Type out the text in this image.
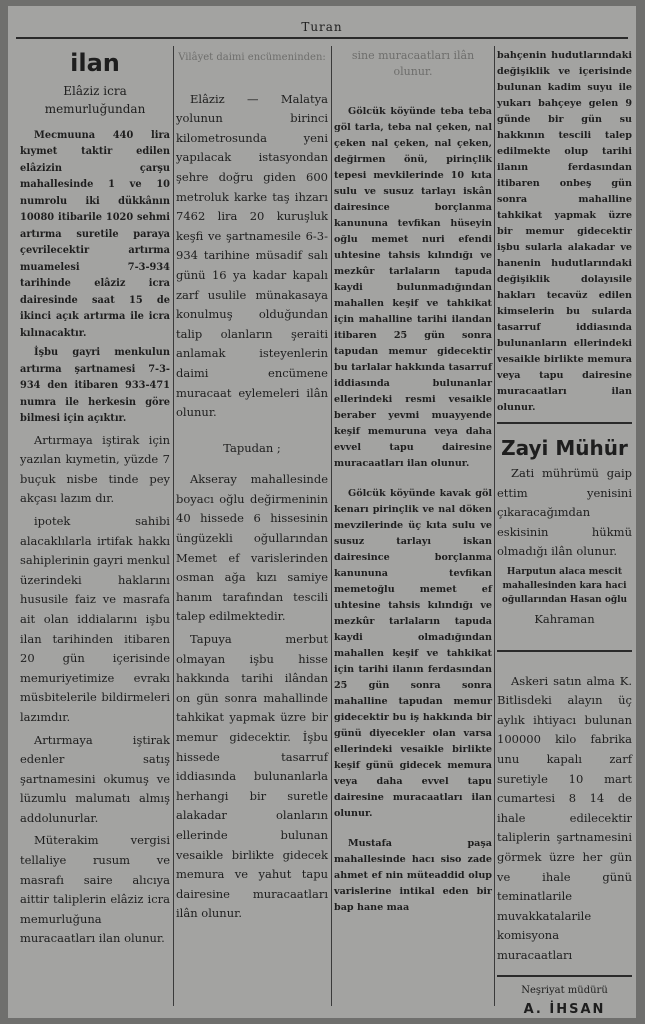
Turan
ilan
Elâziz icra memurluğundan

Mecmuuna 440 lira kıymet taktir edilen elâzizin çarşu mahallesinde 1 ve 10 numrolu iki dükkânın 10080 itibarile 1020 sehmi artırma suretile paraya çevrilecektir artırma muamelesi 7-3-934 tarihinde elâziz icra dairesinde saat 15 de ikinci açık artırma ile icra kılınacaktır.

İşbu gayri menkulun artırma şartnamesi 7-3-934 den itibaren 933-471 numra ile herkesin göre bilmesi için açıktır.

Artırmaya iştirak için yazılan kıymetin, yüzde 7 buçuk nisbe tinde pey akçası lazım dır.

ipotek sahibi alacaklılarla irtifak hakkı sahiplerinin gayri menkul üzerindeki haklarını hususile faiz ve masrafa ait olan iddialarını işbu ilan tarihinden itibaren 20 gün içerisinde memuriyetimize evrakı müsbitelerile bildirmeleri lazımdır.

Artırmaya iştirak edenler satış şartnamesini okumuş ve lüzumlu malumatı almış addolunurlar.

Müterakim vergisi tellaliye rusum ve masrafı saire alıcıya aittir taliplerin elâziz icra memurluğuna muracaatları ilan olunur.

Vilâyet daimi encümeninden:

Elâziz — Malatya yolunun birinci kilometrosunda yeni yapılacak istasyondan şehre doğru giden 600 metroluk karke taş ihzarı 7462 lira 20 kuruşluk keşfi ve şartnamesile 6-3-934 tarihine müsadif salı günü 16 ya kadar kapalı zarf usulile münakasaya konulmuş olduğundan talip olanların şeraiti anlamak isteyenlerin daimi encümene muracaat eylemeleri ilân olunur.

Tapudan ;

Akseray mahallesinde boyacı oğlu değirmeninin 40 hissede 6 hissesinin üngüzekli oğullarından Memet ef varislerinden osman ağa kızı samiye hanım tarafından tescili talep edilmektedir.

Tapuya merbut olmayan işbu hisse hakkında tarihi ilândan on gün sonra mahallinde tahkikat yapmak üzre bir memur gidecektir. İşbu hissede tasarruf iddiasında bulunanlarla herhangi bir suretle alakadar olanların ellerinde bulunan vesaikle birlikte gidecek memura ve yahut tapu dairesine muracaatları ilân olunur.

sine muracaatları ilân olunur.

Gölcük köyünde teba teba göl tarla, teba nal çeken, nal çeken nal çeken, nal çeken, değirmen önü, pirinçlik tepesi mevkilerinde 10 kıta sulu ve susuz tarlayı iskân dairesince borçlanma kanununa tevfikan hüseyin oğlu memet nuri efendi uhtesine tahsis kılındığı ve mezkûr tarlaların tapuda kaydi bulunmadığından mahallen keşif ve tahkikat için mahalline tarihi ilandan itibaren 25 gün sonra tapudan memur gidecektir bu tarlalar hakkında tasarruf iddiasında bulunanlar ellerindeki resmi vesaikle beraber yevmi muayyende keşif memuruna veya daha evvel tapu dairesine muracaatları ilan olunur.

Gölcük köyünde kavak göl kenarı pirinçlik ve nal döken mevzilerinde üç kıta sulu ve susuz tarlayı iskan dairesince borçlanma kanununa tevfikan memetoğlu memet ef uhtesine tahsis kılındığı ve mezkûr tarlaların tapuda kaydi olmadığından mahallen keşif ve tahkikat için tarihi ilanın ferdasından 25 gün sonra sonra mahalline tapudan memur gidecektir bu iş hakkında bir günü diyecekler olan varsa ellerindeki vesaikle birlikte keşif günü gidecek memura veya daha evvel tapu dairesine muracaatları ilan olunur.

Mustafa paşa mahallesinde hacı siso zade ahmet ef nin müteaddid olup varislerine intikal eden bir bap hane maa

bahçenin hudutlarındaki değişiklik ve içerisinde bulunan kadim suyu ile yukarı bahçeye gelen 9 günde bir gün su hakkının tescili talep edilmekte olup tarihi ilanın ferdasından itibaren onbeş gün sonra mahalline tahkikat yapmak üzre bir memur gidecektir işbu sularla alakadar ve hanenin hudutlarındaki değişiklik dolayısile hakları tecavüz edilen kimselerin bu sularda tasarruf iddiasında bulunanların ellerindeki vesaikle birlikte memura veya tapu dairesine muracaatları ilan olunur.

Zayi Mühür

Zati mührümü gaip ettim yenisini çıkaracağımdan eskisinin hükmü olmadığı ilân olunur.

Harputun alaca mescit mahallesinden kara haci oğullarından Hasan oğlu

Kahraman

Askeri satın alma K. Bitlisdeki alayın üç aylık ihtiyacı bulunan 100000 kilo fabrika unu kapalı zarf suretiyle 10 mart cumartesi 8 14 de ihale edilecektir taliplerin şartnamesini görmek üzre her gün ve ihale günü teminatlarile muvakkatalarile komisyona muracaatları

Neşriyat müdürü

A. İHSAN
